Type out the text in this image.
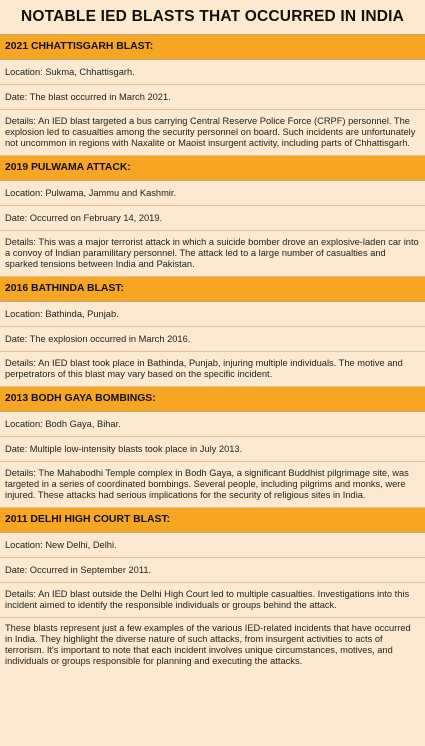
NOTABLE IED BLASTS THAT OCCURRED IN INDIA
2021 CHHATTISGARH BLAST:
Location: Sukma, Chhattisgarh.
Date: The blast occurred in March 2021.
Details: An IED blast targeted a bus carrying Central Reserve Police Force (CRPF) personnel. The explosion led to casualties among the security personnel on board. Such incidents are unfortunately not uncommon in regions with Naxalite or Maoist insurgent activity, including parts of Chhattisgarh.
2019 PULWAMA ATTACK:
Location: Pulwama, Jammu and Kashmir.
Date: Occurred on February 14, 2019.
Details: This was a major terrorist attack in which a suicide bomber drove an explosive-laden car into a convoy of Indian paramilitary personnel. The attack led to a large number of casualties and sparked tensions between India and Pakistan.
2016 BATHINDA BLAST:
Location: Bathinda, Punjab.
Date: The explosion occurred in March 2016.
Details: An IED blast took place in Bathinda, Punjab, injuring multiple individuals. The motive and perpetrators of this blast may vary based on the specific incident.
2013 BODH GAYA BOMBINGS:
Location: Bodh Gaya, Bihar.
Date: Multiple low-intensity blasts took place in July 2013.
Details: The Mahabodhi Temple complex in Bodh Gaya, a significant Buddhist pilgrimage site, was targeted in a series of coordinated bombings. Several people, including pilgrims and monks, were injured. These attacks had serious implications for the security of religious sites in India.
2011 DELHI HIGH COURT BLAST:
Location: New Delhi, Delhi.
Date: Occurred in September 2011.
Details: An IED blast outside the Delhi High Court led to multiple casualties. Investigations into this incident aimed to identify the responsible individuals or groups behind the attack.
These blasts represent just a few examples of the various IED-related incidents that have occurred in India. They highlight the diverse nature of such attacks, from insurgent activities to acts of terrorism. It's important to note that each incident involves unique circumstances, motives, and individuals or groups responsible for planning and executing the attacks.
